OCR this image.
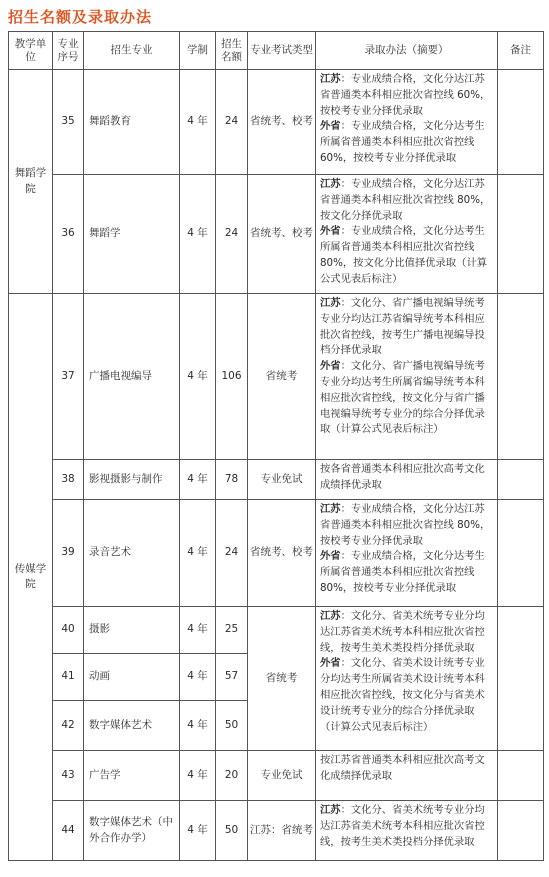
招生名额及录取办法
教学单位	专业序号	招生专业	学制	招生名额	专业考试类型	录取办法（摘要）	备注
舞蹈学院	35	舞蹈教育	4 年	24	省统考、校考	江苏：专业成绩合格，文化分达江苏省普通类本科相应批次省控线 60%，按校考专业分择优录取
外省：专业成绩合格，文化分达考生所属省普通类本科相应批次省控线 60%，按校考专业分择优录取	
	36	舞蹈学	4 年	24	省统考、校考	江苏：专业成绩合格，文化分达江苏省普通类本科相应批次省控线 80%，按文化分择优录取
外省：专业成绩合格，文化分达考生所属省普通类本科相应批次省控线 80%，按文化分比值择优录取（计算公式见表后标注）	
传媒学院	37	广播电视编导	4 年	106	省统考	江苏：文化分、省广播电视编导统考专业分均达江苏省编导统考本科相应批次省控线，按考生广播电视编导投档分择优录取
外省：文化分、省广播电视编导统考专业分均达考生所属省编导统考本科相应批次省控线，按文化分与省广播电视编导统考专业分的综合分择优录取（计算公式见表后标注）	
	38	影视摄影与制作	4 年	78	专业免试	按各省普通类本科相应批次高考文化成绩择优录取	
	39	录音艺术	4 年	24	省统考、校考	江苏：专业成绩合格，文化分达江苏省普通类本科相应批次省控线 80%，按校考专业分择优录取
外省：专业成绩合格，文化分达考生所属省普通类本科相应批次省控线 80%，按校考专业分择优录取	
	40	摄影	4 年	25	省统考	江苏：文化分、省美术统考专业分均达江苏省美术统考本科相应批次省控线，按考生美术类投档分择优录取
外省：文化分、省美术设计统考专业分均达考生所属省美术设计统考本科相应批次省控线，按文化分与省美术设计统考专业分的综合分择优录取（计算公式见表后标注）	
	41	动画	4 年	57			
	42	数字媒体艺术	4 年	50			
	43	广告学	4 年	20	专业免试	按江苏省普通类本科相应批次高考文化成绩择优录取	
	44	数字媒体艺术（中外合作办学）	4 年	50	江苏：省统考	江苏：文化分、省美术统考专业分均达江苏省美术统考本科相应批次省控线，按考生美术类投档分择优录取	
